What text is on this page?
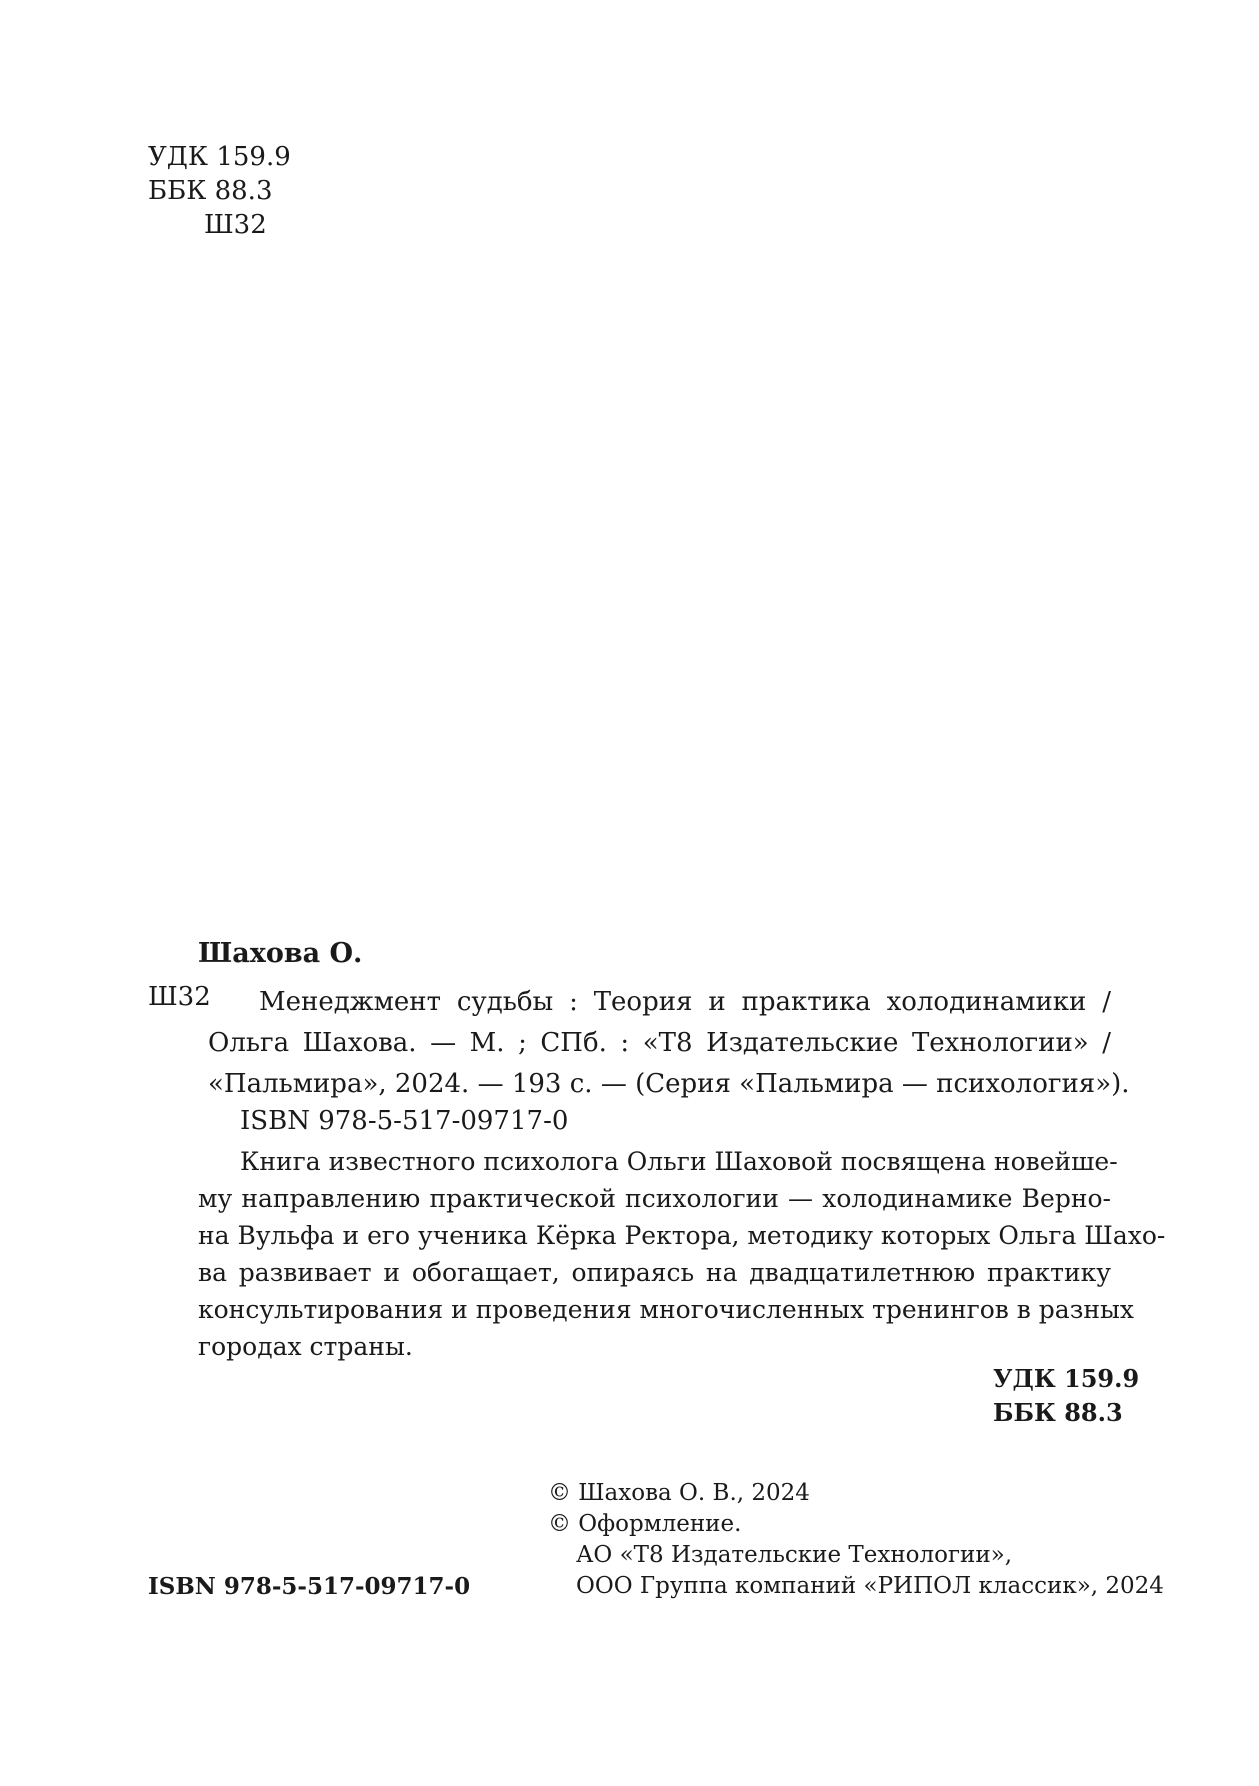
УДК 159.9
ББК 88.3
Ш32
Шахова О.
Ш32	Менеджмент судьбы : Теория и практика холодинамики /
Ольга Шахова. — М. ; СПб. : «Т8 Издательские Технологии» /
«Пальмира», 2024. — 193 с. — (Серия «Пальмира — психология»).
ISBN 978-5-517-09717-0
Книга известного психолога Ольги Шаховой посвящена новейше-
му направлению практической психологии — холодинамике Верно-
на Вульфа и его ученика Кёрка Ректора, методику которых Ольга Шахо-
ва развивает и обогащает, опираясь на двадцатилетнюю практику
консультирования и проведения многочисленных тренингов в разных
городах страны.
УДК 159.9
ББК 88.3
© Шахова О. В., 2024
© Оформление.
АО «Т8 Издательские Технологии»,
ООО Группа компаний «РИПОЛ классик», 2024
ISBN 978-5-517-09717-0
